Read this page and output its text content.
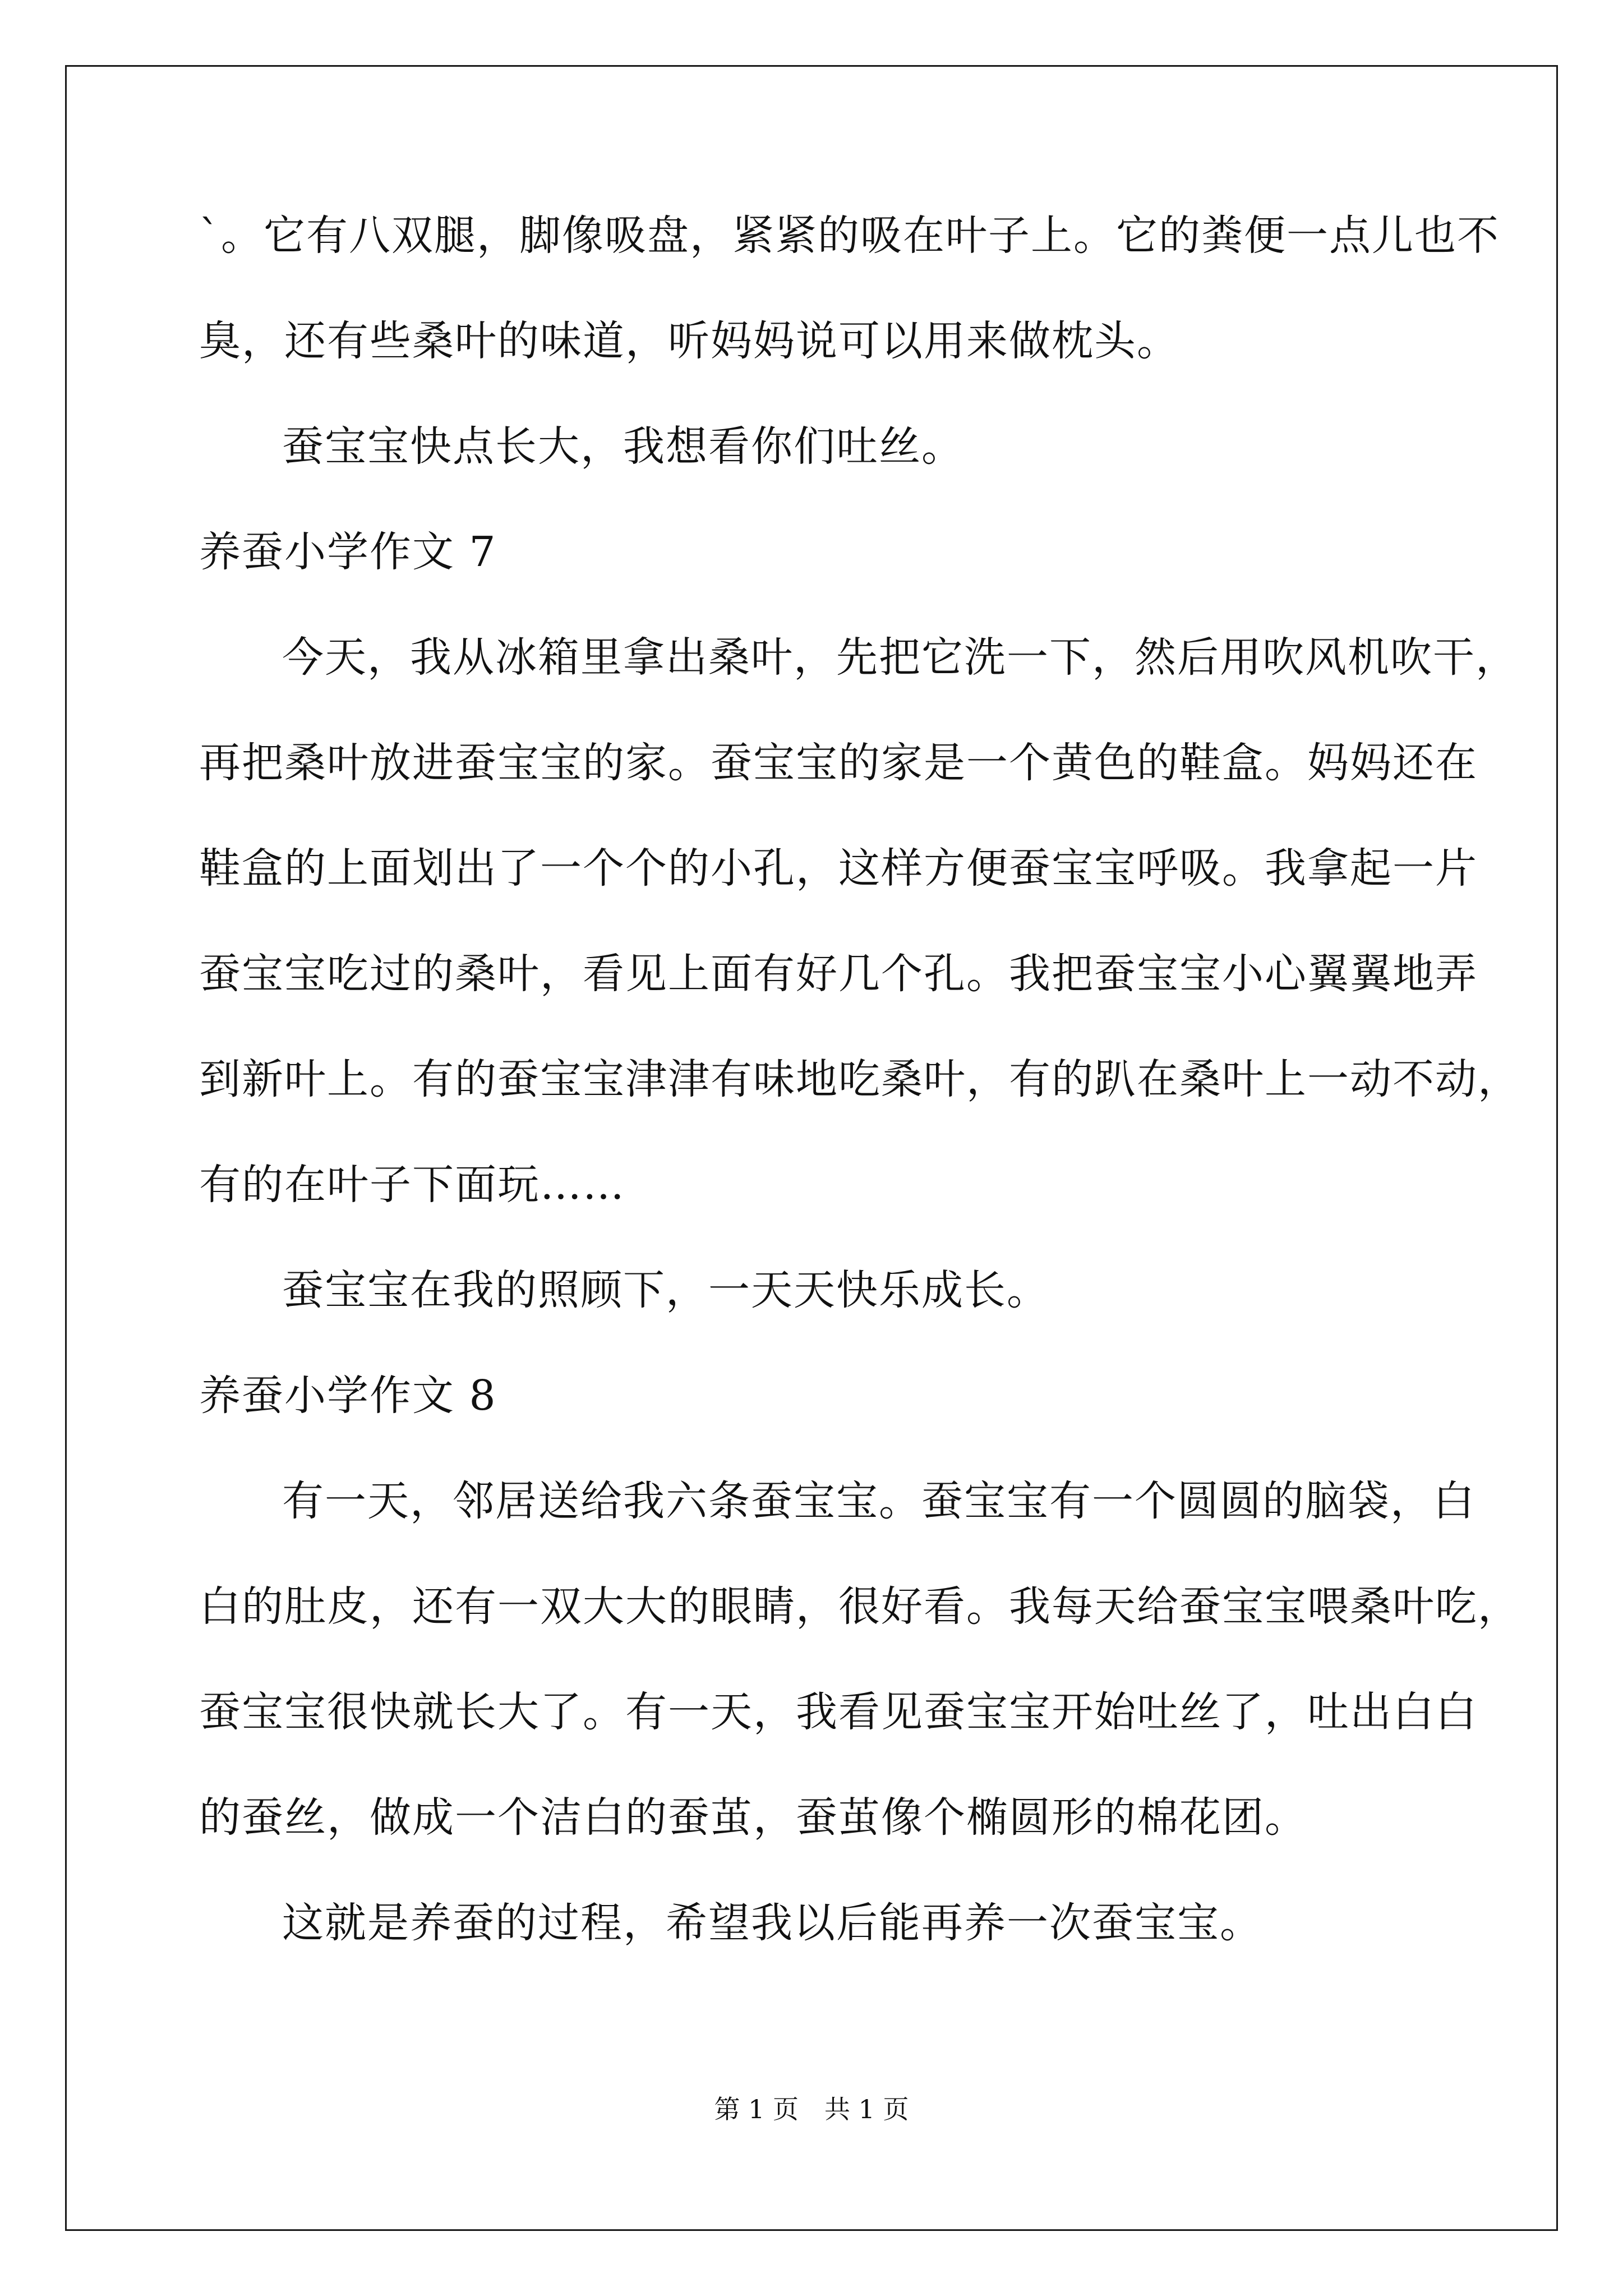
`。它有八双腿，脚像吸盘，紧紧的吸在叶子上。它的粪便一点儿也不
臭，还有些桑叶的味道，听妈妈说可以用来做枕头。
蚕宝宝快点长大，我想看你们吐丝。
养蚕小学作文 7
今天，我从冰箱里拿出桑叶，先把它洗一下，然后用吹风机吹干，
再把桑叶放进蚕宝宝的家。蚕宝宝的家是一个黄色的鞋盒。妈妈还在
鞋盒的上面划出了一个个的小孔，这样方便蚕宝宝呼吸。我拿起一片
蚕宝宝吃过的桑叶，看见上面有好几个孔。我把蚕宝宝小心翼翼地弄
到新叶上。有的蚕宝宝津津有味地吃桑叶，有的趴在桑叶上一动不动，
有的在叶子下面玩……
蚕宝宝在我的照顾下，一天天快乐成长。
养蚕小学作文 8
有一天，邻居送给我六条蚕宝宝。蚕宝宝有一个圆圆的脑袋，白
白的肚皮，还有一双大大的眼睛，很好看。我每天给蚕宝宝喂桑叶吃，
蚕宝宝很快就长大了。有一天，我看见蚕宝宝开始吐丝了，吐出白白
的蚕丝，做成一个洁白的蚕茧，蚕茧像个椭圆形的棉花团。
这就是养蚕的过程，希望我以后能再养一次蚕宝宝。
第 1 页　共 1 页
